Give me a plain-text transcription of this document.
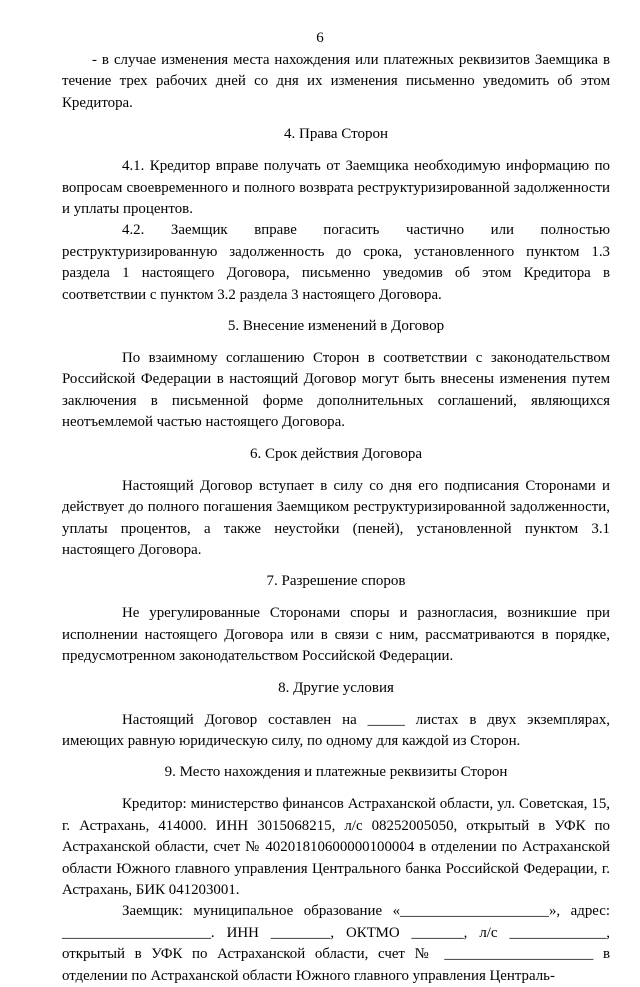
6

- в случае изменения места нахождения или платежных реквизитов Заемщика в течение трех рабочих дней со дня их изменения письменно уведомить об этом Кредитора.

4. Права Сторон

4.1. Кредитор вправе получать от Заемщика необходимую информацию по вопросам своевременного и полного возврата реструктуризированной задолженности и уплаты процентов.

4.2. Заемщик вправе погасить частично или полностью реструктуризированную задолженность до срока, установленного пунктом 1.3 раздела 1 настоящего Договора, письменно уведомив об этом Кредитора в соответствии с пунктом 3.2 раздела 3 настоящего Договора.

5. Внесение изменений в Договор

По взаимному соглашению Сторон в соответствии с законодательством Российской Федерации в настоящий Договор могут быть внесены изменения путем заключения в письменной форме дополнительных соглашений, являющихся неотъемлемой частью настоящего Договора.

6. Срок действия Договора

Настоящий Договор вступает в силу со дня его подписания Сторонами и действует до полного погашения Заемщиком реструктуризированной задолженности, уплаты процентов, а также неустойки (пеней), установленной пунктом 3.1 настоящего Договора.

7. Разрешение споров

Не урегулированные Сторонами споры и разногласия, возникшие при исполнении настоящего Договора или в связи с ним, рассматриваются в порядке, предусмотренном законодательством Российской Федерации.

8. Другие условия

Настоящий Договор составлен на _____ листах в двух экземплярах, имеющих равную юридическую силу, по одному для каждой из Сторон.

9. Место нахождения и платежные реквизиты Сторон

Кредитор: министерство финансов Астраханской области, ул. Советская, 15, г. Астрахань, 414000. ИНН 3015068215, л/с 08252005050, открытый в УФК по Астраханской области, счет № 40201810600000100004 в отделении по Астраханской области Южного главного управления Центрального банка Российской Федерации, г. Астрахань, БИК 041203001.

Заемщик: муниципальное образование «____________________», адрес: ____________________. ИНН ________, ОКТМО _______, л/с _____________, открытый в УФК по Астраханской области, счет № ____________________ в отделении по Астраханской области Южного главного управления Централь-
